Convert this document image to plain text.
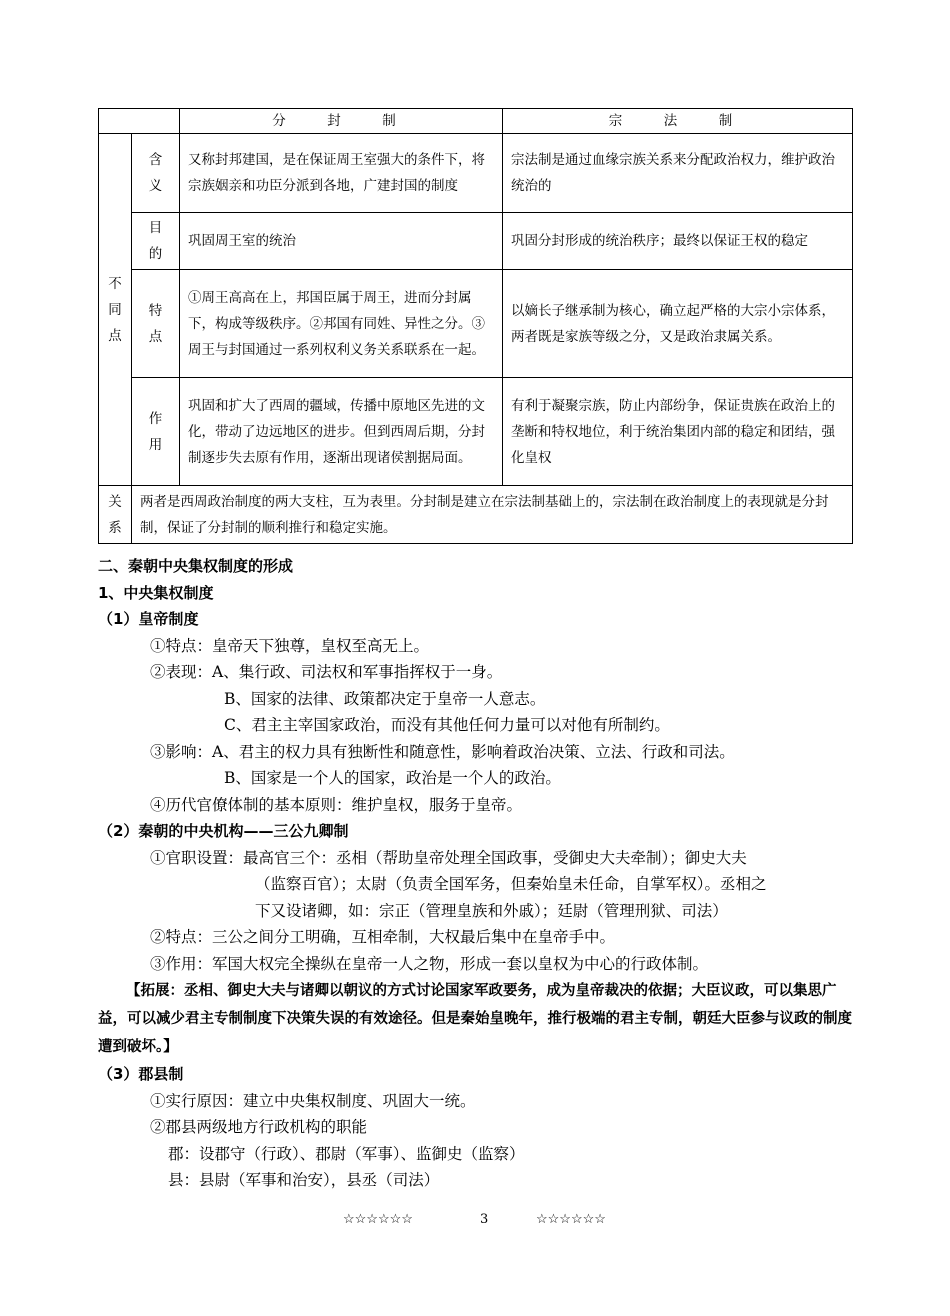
		分　封　制	宗　法　制
不同点	含义	又称封邦建国，是在保证周王室强大的条件下，将宗族姻亲和功臣分派到各地，广建封国的制度	宗法制是通过血缘宗族关系来分配政治权力，维护政治统治的
	目的	巩固周王室的统治	巩固分封形成的统治秩序；最终以保证王权的稳定
	特点	①周王高高在上，邦国臣属于周王，进而分封属下，构成等级秩序。②邦国有同姓、异性之分。③周王与封国通过一系列权利义务关系联系在一起。	以嫡长子继承制为核心，确立起严格的大宗小宗体系，两者既是家族等级之分，又是政治隶属关系。
	作用	巩固和扩大了西周的疆域，传播中原地区先进的文化，带动了边远地区的进步。但到西周后期，分封制逐步失去原有作用，逐渐出现诸侯割据局面。	有利于凝聚宗族，防止内部纷争，保证贵族在政治上的垄断和特权地位，利于统治集团内部的稳定和团结，强化皇权
关系	两者是西周政治制度的两大支柱，互为表里。分封制是建立在宗法制基础上的，宗法制在政治制度上的表现就是分封制，保证了分封制的顺利推行和稳定实施。		
二、秦朝中央集权制度的形成
1、中央集权制度
（1）皇帝制度
①特点：皇帝天下独尊，皇权至高无上。
②表现：A、集行政、司法权和军事指挥权于一身。
B、国家的法律、政策都决定于皇帝一人意志。
C、君主主宰国家政治，而没有其他任何力量可以对他有所制约。
③影响：A、君主的权力具有独断性和随意性，影响着政治决策、立法、行政和司法。
B、国家是一个人的国家，政治是一个人的政治。
④历代官僚体制的基本原则：维护皇权，服务于皇帝。
（2）秦朝的中央机构——三公九卿制
①官职设置：最高官三个：丞相（帮助皇帝处理全国政事，受御史大夫牵制）；御史大夫
（监察百官）；太尉（负责全国军务，但秦始皇未任命，自掌军权）。丞相之
下又设诸卿，如：宗正（管理皇族和外戚）；廷尉（管理刑狱、司法）
②特点：三公之间分工明确，互相牵制，大权最后集中在皇帝手中。
③作用：军国大权完全操纵在皇帝一人之物，形成一套以皇权为中心的行政体制。
【拓展：丞相、御史大夫与诸卿以朝议的方式讨论国家军政要务，成为皇帝裁决的依据；大臣议政，可以集思广益，可以减少君主专制制度下决策失误的有效途径。但是秦始皇晚年，推行极端的君主专制，朝廷大臣参与议政的制度遭到破坏。】
（3）郡县制
①实行原因：建立中央集权制度、巩固大一统。
②郡县两级地方行政机构的职能
郡：设郡守（行政）、郡尉（军事）、监御史（监察）
县：县尉（军事和治安），县丞（司法）
☆☆☆☆☆☆	3	☆☆☆☆☆☆
